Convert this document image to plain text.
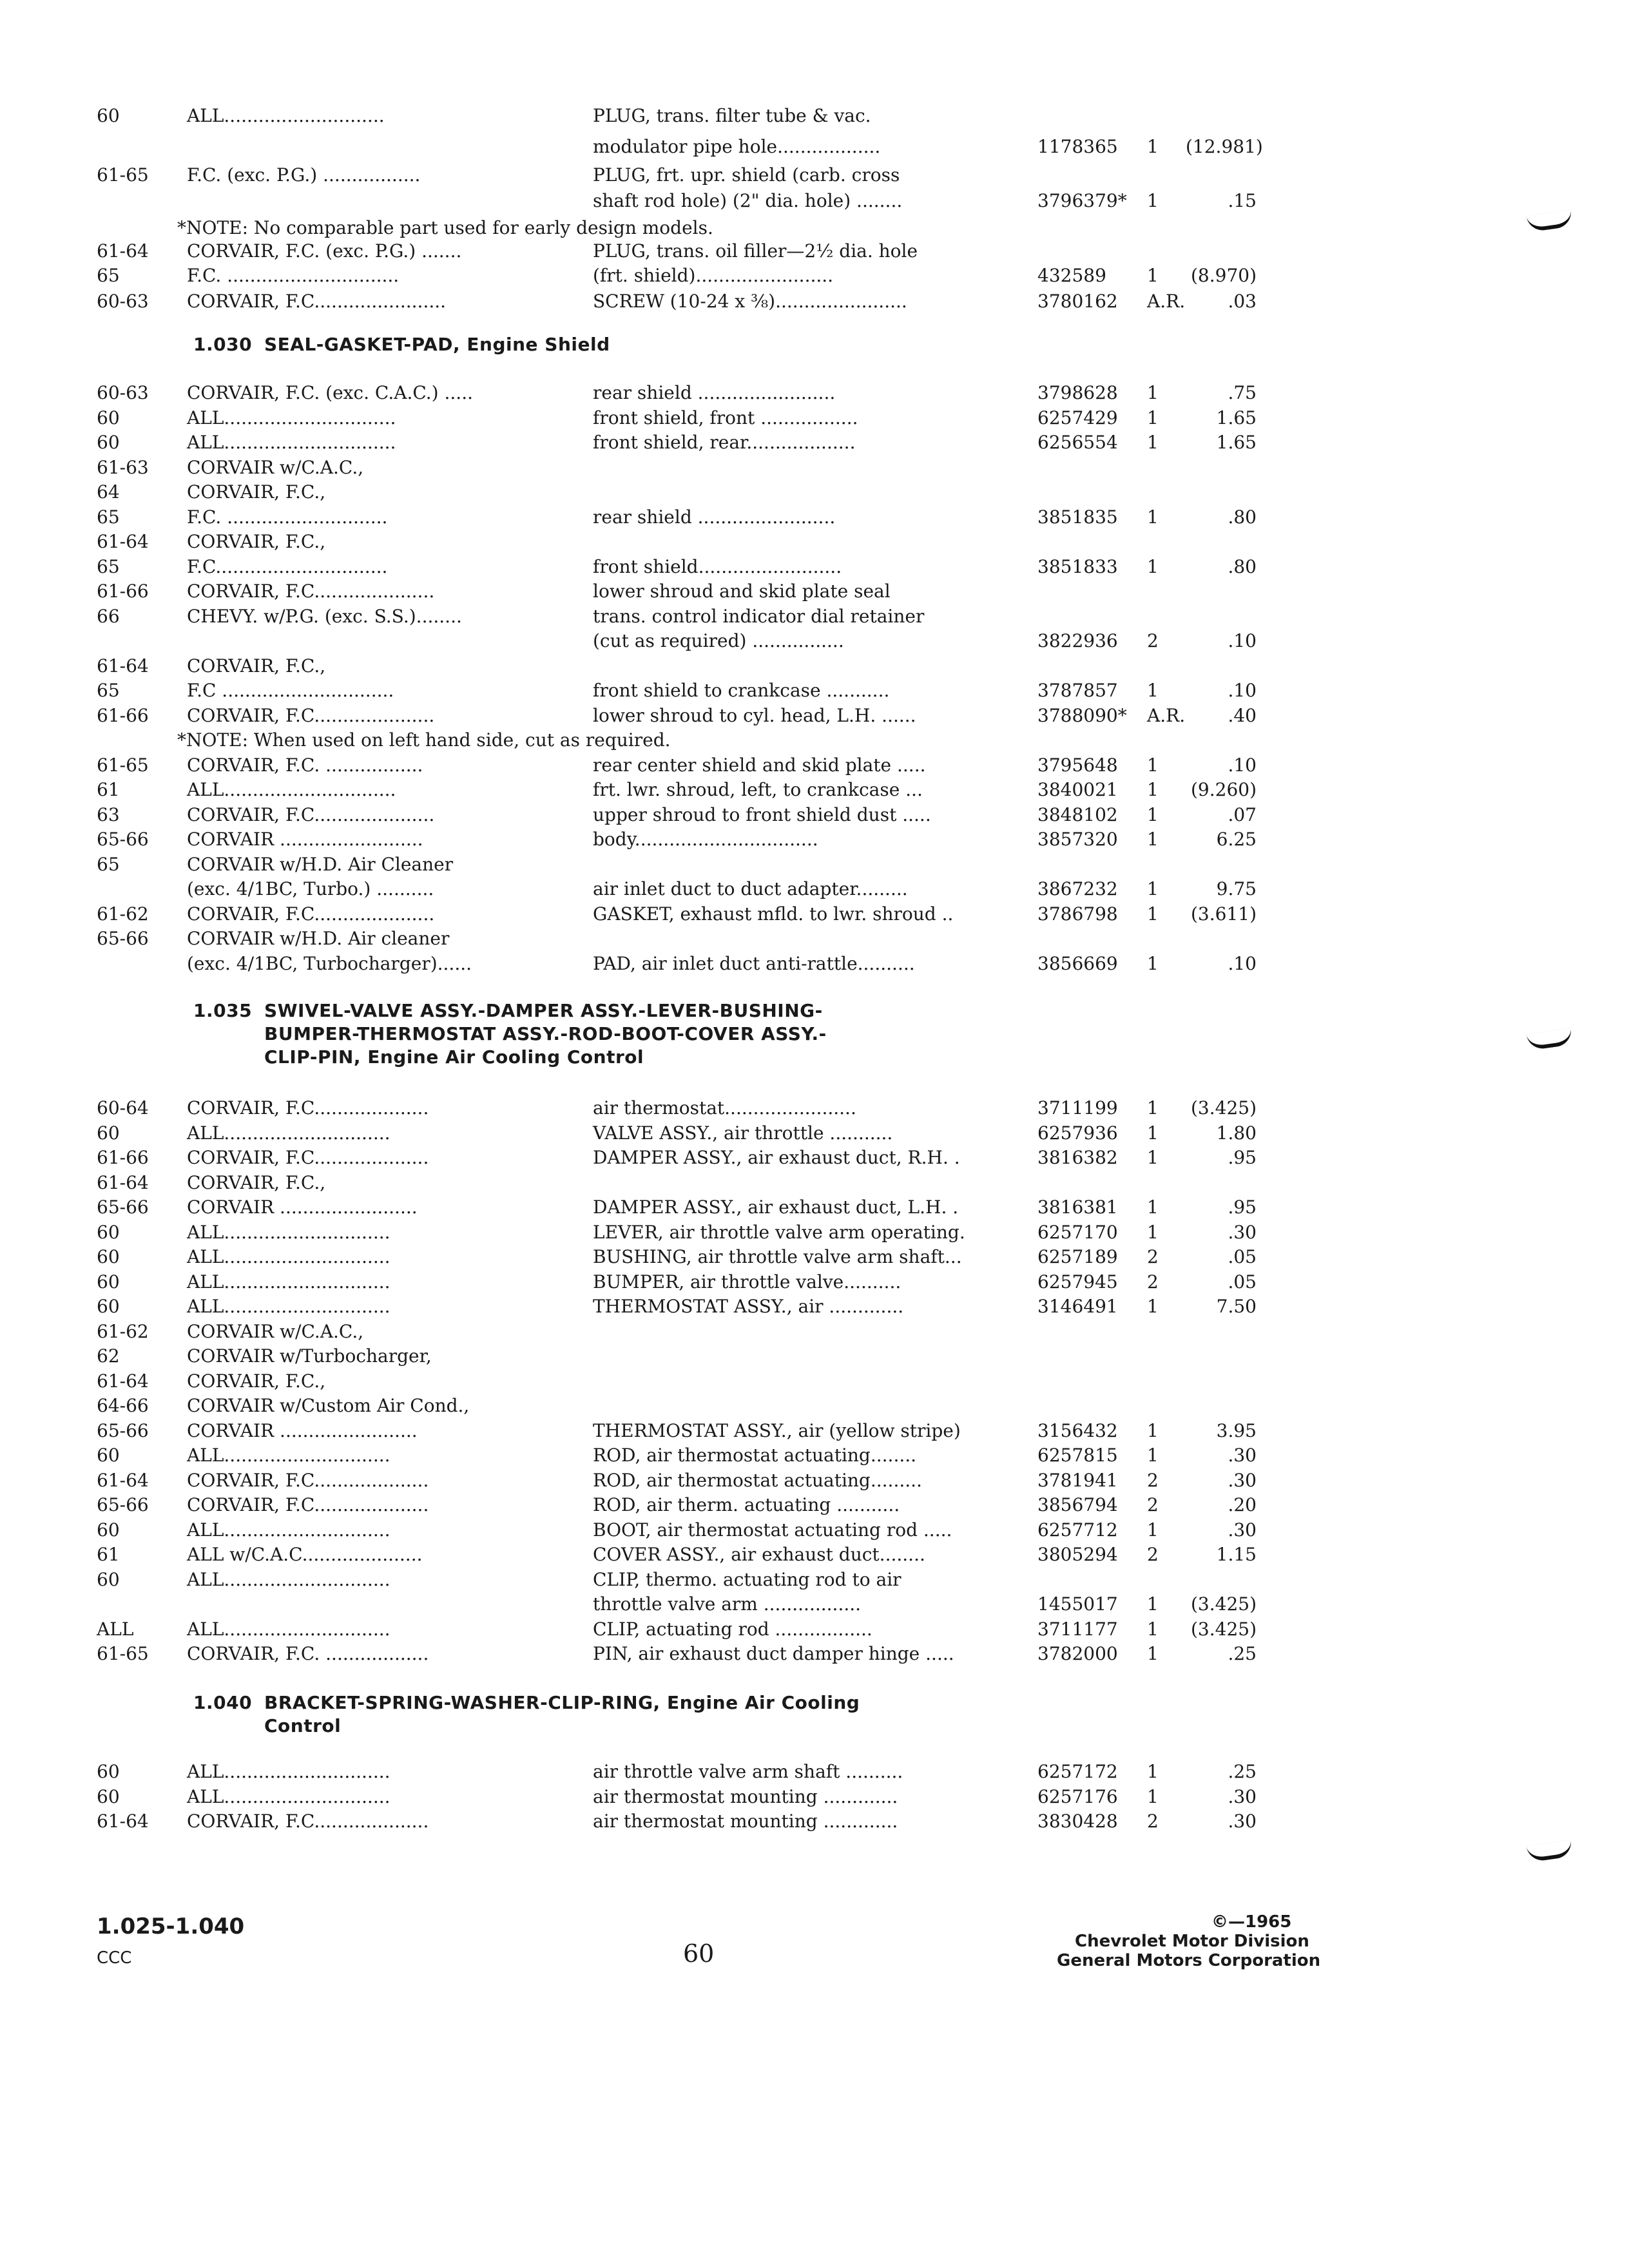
60	ALL............................	PLUG, trans. filter tube & vac.
modulator pipe hole..................	1178365 1 (12.981)
61-65 F.C. (exc. P.G.) .................	PLUG, frt. upr. shield (carb. cross
shaft rod hole) (2" dia. hole) ........	3796379* 1	.15
*NOTE: No comparable part used for early design models.
61-64 CORVAIR, F.C. (exc. P.G.) .......	PLUG, trans. oil filler—2½ dia. hole
65	F.C. ..............................	(frt. shield)........................	432589 1 (8.970)
60-63 CORVAIR, F.C.......................	SCREW (10-24 x ⅜).......................	3780162 A.R.	.03
60-63 CORVAIR, F.C. (exc. C.A.C.) .....	rear shield ........................	3798628 1	.75
60	ALL..............................	front shield, front .................	6257429 1	1.65
60	ALL..............................	front shield, rear...................	6256554 1	1.65
61-63 CORVAIR w/C.A.C.,
64	CORVAIR, F.C.,
65	F.C. ............................	rear shield ........................	3851835 1	.80
61-64 CORVAIR, F.C.,
65	F.C..............................	front shield.........................	3851833 1	.80
61-66 CORVAIR, F.C.....................	lower shroud and skid plate seal
66	CHEVY. w/P.G. (exc. S.S.)........	trans. control indicator dial retainer
(cut as required) ................	3822936 2	.10
61-64 CORVAIR, F.C.,
65	F.C ..............................	front shield to crankcase ...........	3787857 1	.10
61-66 CORVAIR, F.C.....................	lower shroud to cyl. head, L.H. ......	3788090* A.R.	.40
*NOTE: When used on left hand side, cut as required.
61-65 CORVAIR, F.C. .................	rear center shield and skid plate .....	3795648 1	.10
61	ALL..............................	frt. lwr. shroud, left, to crankcase ...	3840021 1 (9.260)
63	CORVAIR, F.C.....................	upper shroud to front shield dust .....	3848102 1	.07
65-66 CORVAIR .........................	body................................	3857320 1	6.25
65	CORVAIR w/H.D. Air Cleaner
(exc. 4/1BC, Turbo.) ..........	air inlet duct to duct adapter.........	3867232 1	9.75
61-62 CORVAIR, F.C.....................	GASKET, exhaust mfld. to lwr. shroud ..	3786798 1 (3.611)
65-66 CORVAIR w/H.D. Air cleaner
(exc. 4/1BC, Turbocharger)......	PAD, air inlet duct anti-rattle..........	3856669 1	.10
60-64 CORVAIR, F.C....................	air thermostat.......................	3711199 1 (3.425)
60	ALL.............................	VALVE ASSY., air throttle ...........	6257936 1	1.80
61-66 CORVAIR, F.C....................	DAMPER ASSY., air exhaust duct, R.H. .	3816382 1	.95
61-64 CORVAIR, F.C.,
65-66 CORVAIR ........................	DAMPER ASSY., air exhaust duct, L.H. .	3816381 1	.95
60	ALL.............................	LEVER, air throttle valve arm operating.	6257170 1	.30
60	ALL.............................	BUSHING, air throttle valve arm shaft...	6257189 2	.05
60	ALL.............................	BUMPER, air throttle valve..........	6257945 2	.05
60	ALL.............................	THERMOSTAT ASSY., air .............	3146491 1	7.50
61-62 CORVAIR w/C.A.C.,
62	CORVAIR w/Turbocharger,
61-64 CORVAIR, F.C.,
64-66 CORVAIR w/Custom Air Cond.,
65-66 CORVAIR ........................	THERMOSTAT ASSY., air (yellow stripe)	3156432 1	3.95
60	ALL.............................	ROD, air thermostat actuating........	6257815 1	.30
61-64 CORVAIR, F.C....................	ROD, air thermostat actuating.........	3781941 2	.30
65-66 CORVAIR, F.C....................	ROD, air therm. actuating ...........	3856794 2	.20
60	ALL.............................	BOOT, air thermostat actuating rod .....	6257712 1	.30
61	ALL w/C.A.C.....................	COVER ASSY., air exhaust duct........	3805294 2	1.15
60	ALL.............................	CLIP, thermo. actuating rod to air
throttle valve arm .................	1455017 1 (3.425)
ALL	ALL.............................	CLIP, actuating rod .................	3711177 1 (3.425)
61-65 CORVAIR, F.C. ..................	PIN, air exhaust duct damper hinge .....	3782000 1	.25
60	ALL.............................	air throttle valve arm shaft ..........	6257172 1	.25
60	ALL.............................	air thermostat mounting .............	6257176 1	.30
61-64 CORVAIR, F.C....................	air thermostat mounting .............	3830428 2	.30
1.030 SEAL-GASKET-PAD, Engine Shield
1.035 SWIVEL-VALVE ASSY.-DAMPER ASSY.-LEVER-BUSHING-
BUMPER-THERMOSTAT ASSY.-ROD-BOOT-COVER ASSY.-
CLIP-PIN, Engine Air Cooling Control
1.040 BRACKET-SPRING-WASHER-CLIP-RING, Engine Air Cooling
Control
1.025-1.040
CCC	60
©—1965
Chevrolet Motor Division
General Motors Corporation
